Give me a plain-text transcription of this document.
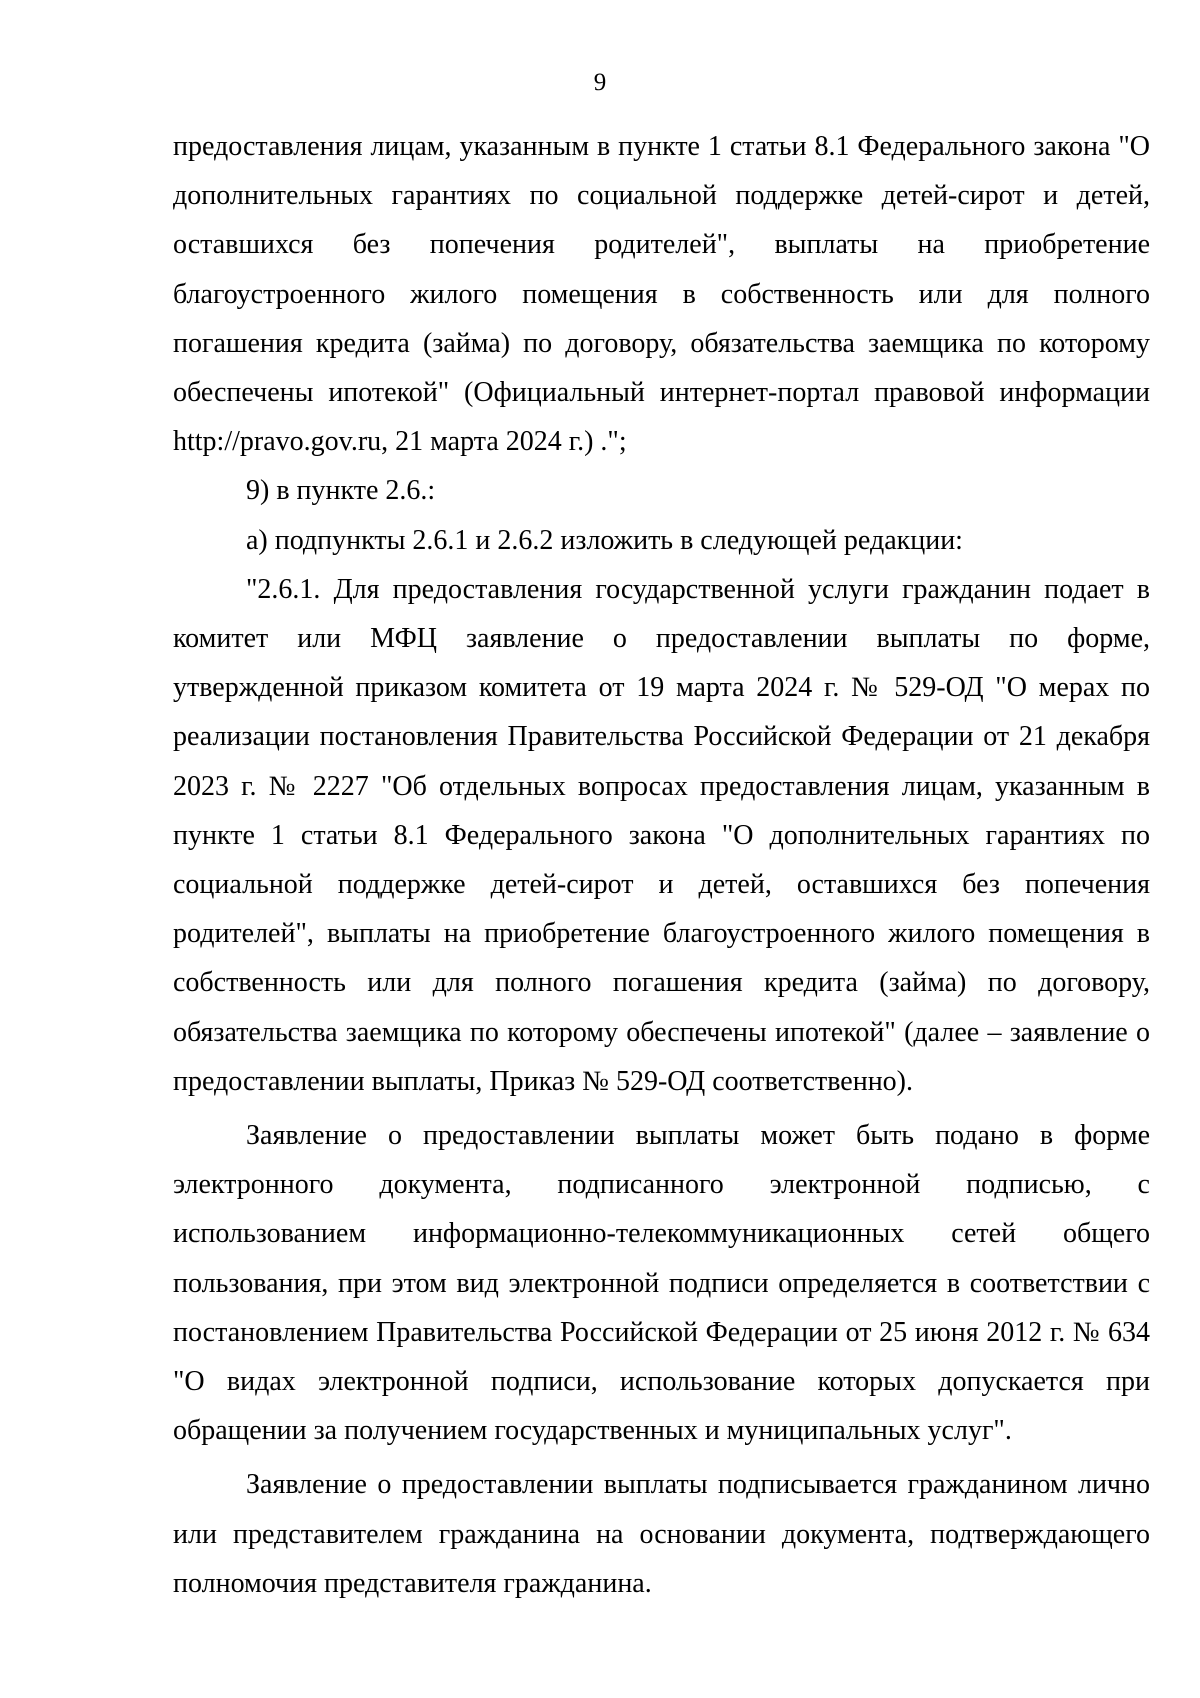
9

предоставления лицам, указанным в пункте 1 статьи 8.1 Федерального закона "О дополнительных гарантиях по социальной поддержке детей-сирот и детей, оставшихся без попечения родителей", выплаты на приобретение благоустроенного жилого помещения в собственность или для полного погашения кредита (займа) по договору, обязательства заемщика по которому обеспечены ипотекой" (Официальный интернет-портал правовой информации http://pravo.gov.ru, 21 марта 2024 г.) .";

9) в пункте 2.6.:

а) подпункты 2.6.1 и 2.6.2 изложить в следующей редакции:

"2.6.1. Для предоставления государственной услуги гражданин подает в комитет или МФЦ заявление о предоставлении выплаты по форме, утвержденной приказом комитета от 19 марта 2024 г. № 529-ОД "О мерах по реализации постановления Правительства Российской Федерации от 21 декабря 2023 г. № 2227 "Об отдельных вопросах предоставления лицам, указанным в пункте 1 статьи 8.1 Федерального закона "О дополнительных гарантиях по социальной поддержке детей-сирот и детей, оставшихся без попечения родителей", выплаты на приобретение благоустроенного жилого помещения в собственность или для полного погашения кредита (займа) по договору, обязательства заемщика по которому обеспечены ипотекой" (далее – заявление о предоставлении выплаты, Приказ № 529-ОД соответственно).

Заявление о предоставлении выплаты может быть подано в форме электронного документа, подписанного электронной подписью, с использованием информационно-телекоммуникационных сетей общего пользования, при этом вид электронной подписи определяется в соответствии с постановлением Правительства Российской Федерации от 25 июня 2012 г. № 634 "О видах электронной подписи, использование которых допускается при обращении за получением государственных и муниципальных услуг".

Заявление о предоставлении выплаты подписывается гражданином лично или представителем гражданина на основании документа, подтверждающего полномочия представителя гражданина.
